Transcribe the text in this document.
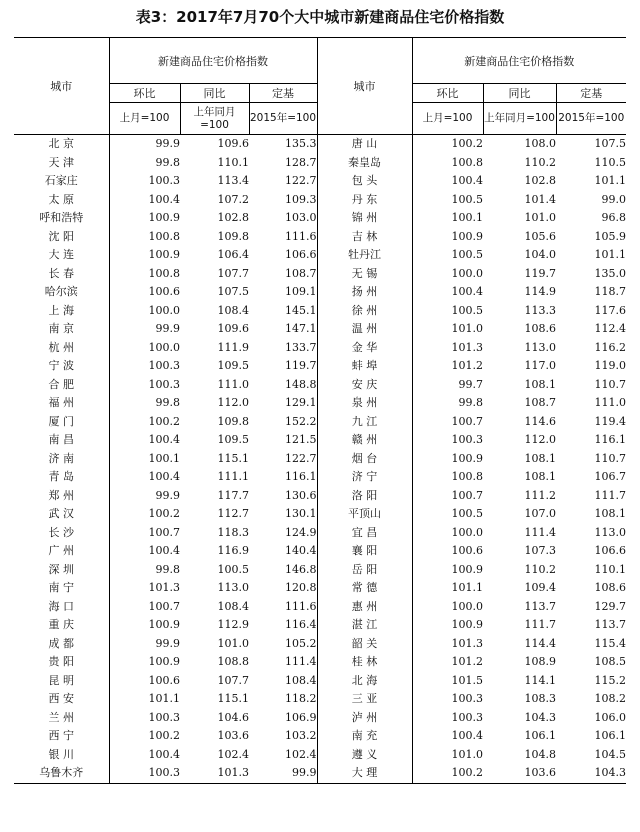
表3：2017年7月70个大中城市新建商品住宅价格指数
城市	新建商品住宅价格指数			城市	新建商品住宅价格指数		
	环比	同比	定基		环比	同比	定基
	上月=100	上年同月=100	2015年=100		上月=100	上年同月=100	2015年=100
北 京	99.9	109.6	135.3	唐 山	100.2	108.0	107.5
天 津	99.8	110.1	128.7	秦皇岛	100.8	110.2	110.5
石家庄	100.3	113.4	122.7	包 头	100.4	102.8	101.1
太 原	100.4	107.2	109.3	丹 东	100.5	101.4	99.0
呼和浩特	100.9	102.8	103.0	锦 州	100.1	101.0	96.8
沈 阳	100.8	109.8	111.6	吉 林	100.9	105.6	105.9
大 连	100.9	106.4	106.6	牡丹江	100.5	104.0	101.1
长 春	100.8	107.7	108.7	无 锡	100.0	119.7	135.0
哈尔滨	100.6	107.5	109.1	扬 州	100.4	114.9	118.7
上 海	100.0	108.4	145.1	徐 州	100.5	113.3	117.6
南 京	99.9	109.6	147.1	温 州	101.0	108.6	112.4
杭 州	100.0	111.9	133.7	金 华	101.3	113.0	116.2
宁 波	100.3	109.5	119.7	蚌 埠	101.2	117.0	119.0
合 肥	100.3	111.0	148.8	安 庆	99.7	108.1	110.7
福 州	99.8	112.0	129.1	泉 州	99.8	108.7	111.0
厦 门	100.2	109.8	152.2	九 江	100.7	114.6	119.4
南 昌	100.4	109.5	121.5	赣 州	100.3	112.0	116.1
济 南	100.1	115.1	122.7	烟 台	100.9	108.1	110.7
青 岛	100.4	111.1	116.1	济 宁	100.8	108.1	106.7
郑 州	99.9	117.7	130.6	洛 阳	100.7	111.2	111.7
武 汉	100.2	112.7	130.1	平顶山	100.5	107.0	108.1
长 沙	100.7	118.3	124.9	宜 昌	100.0	111.4	113.0
广 州	100.4	116.9	140.4	襄 阳	100.6	107.3	106.6
深 圳	99.8	100.5	146.8	岳 阳	100.9	110.2	110.1
南 宁	101.3	113.0	120.8	常 德	101.1	109.4	108.6
海 口	100.7	108.4	111.6	惠 州	100.0	113.7	129.7
重 庆	100.9	112.9	116.4	湛 江	100.9	111.7	113.7
成 都	99.9	101.0	105.2	韶 关	101.3	114.4	115.4
贵 阳	100.9	108.8	111.4	桂 林	101.2	108.9	108.5
昆 明	100.6	107.7	108.4	北 海	101.5	114.1	115.2
西 安	101.1	115.1	118.2	三 亚	100.3	108.3	108.2
兰 州	100.3	104.6	106.9	泸 州	100.3	104.3	106.0
西 宁	100.2	103.6	103.2	南 充	100.4	106.1	106.1
银 川	100.4	102.4	102.4	遵 义	101.0	104.8	104.5
乌鲁木齐	100.3	101.3	99.9	大 理	100.2	103.6	104.3
